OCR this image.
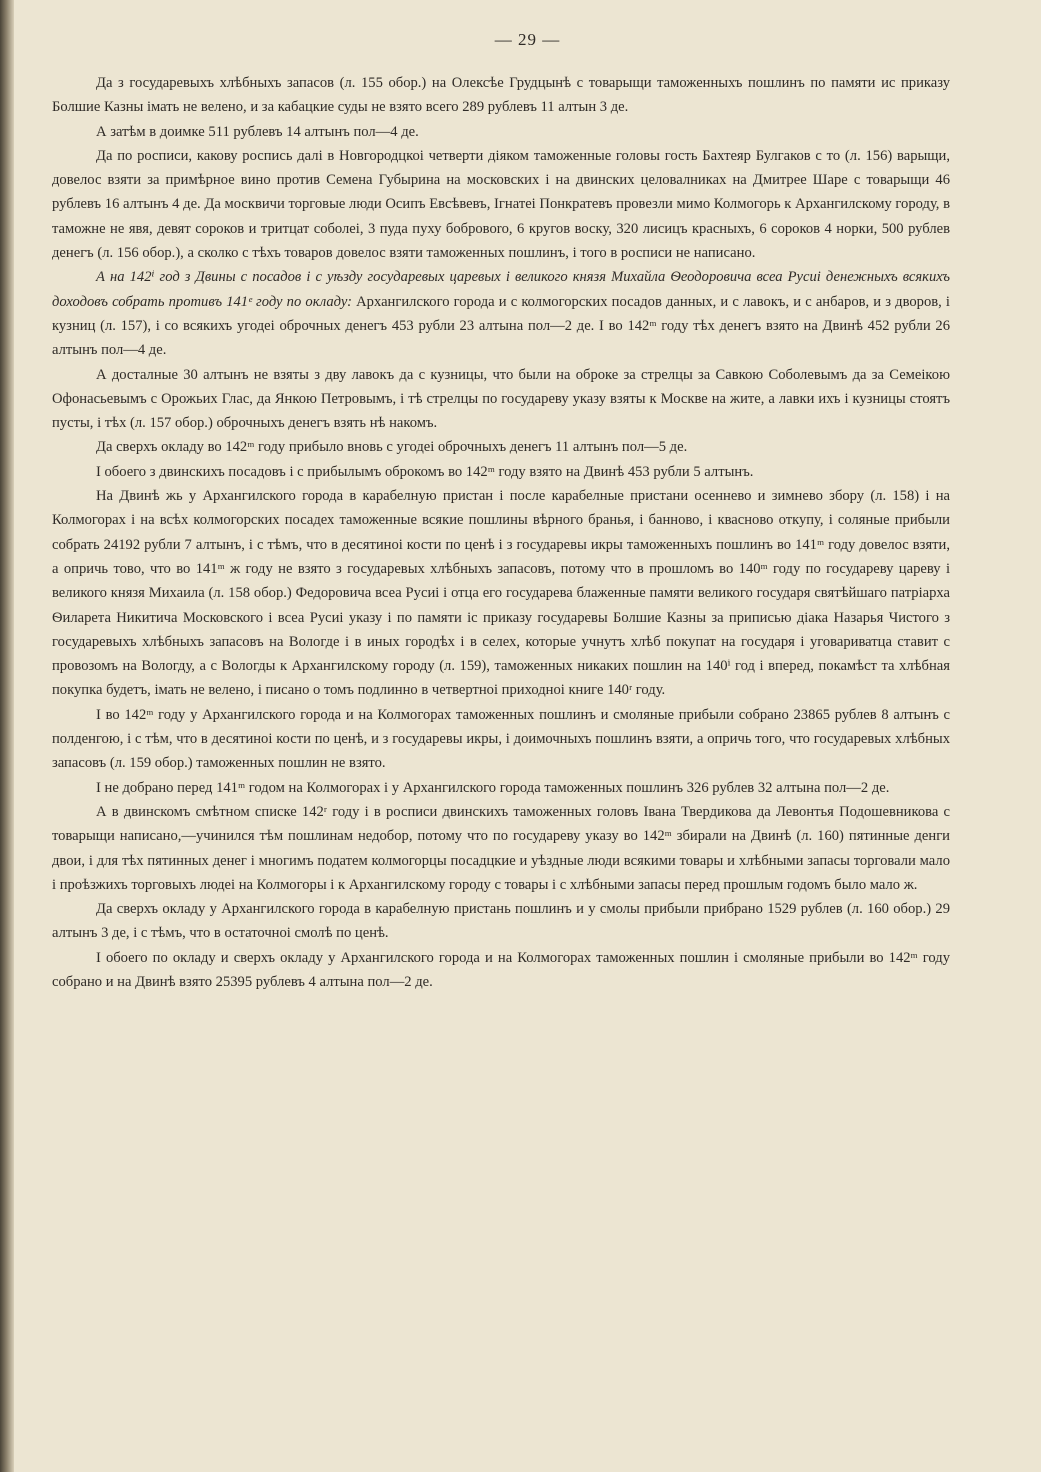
— 29 —

Да з государевыхъ хлѣбныхъ запасов (л. 155 обор.) на Олексѣе Грудцынѣ с товарыщи таможенныхъ пошлинъ по памяти ис приказу Болшие Казны імать не велено, и за кабацкие суды не взято всего 289 рублевъ 11 алтын 3 де.

А затѣм в доимке 511 рублевъ 14 алтынъ пол—4 де.

Да по росписи, какову роспись далі в Новгородцкоі четверти діяком таможенные головы гость Бахтеяр Булгаков с то (л. 156) варыщи, довелос взяти за примѣрное вино против Семена Губырина на московских і на двинских целовалниках на Дмитрее Шаре с товарыщи 46 рублевъ 16 алтынъ 4 де. Да москвичи торговые люди Осипъ Евсѣвевъ, Ігнатеі Понкратевъ провезли мимо Колмогорь к Архангилскому городу, в таможне не явя, девят сороков и тритцат соболеі, 3 пуда пуху бобровоro, 6 кругов воску, 320 лисицъ красныхъ, 6 сороков 4 норки, 500 рублев денегъ (л. 156 обор.), а сколко с тѣхъ товаров довелос взяти таможенных пошлинъ, і того в росписи не написано.

А на 142ⁱ год з Двины с посадов і с уѣзду государевых царевых і великого князя Михайла Ѳеодоровича всеа Русиі денежныхъ всякихъ доходовъ собрать противъ 141ᵉ году по окладу: Архангилского города и с колмогорских посадов данных, и с лавокъ, и с анбаров, и з дворов, і кузниц (л. 157), і со всякихъ угодеі оброчных денегъ 453 рубли 23 алтына пол—2 де. І во 142ᵐ году тѣх денегъ взято на Двинѣ 452 рубли 26 алтынъ пол—4 де.

А досталные 30 алтынъ не взяты з дву лавокъ да с кузницы, что были на оброке за стрелцы за Савкою Соболевымъ да за Семеікою Офонасьевымъ с Орожьих Глас, да Янкою Петровымъ, і тѣ стрелцы по государеву указу взяты к Москве на жите, а лавки ихъ і кузницы стоятъ пусты, і тѣх (л. 157 обор.) оброчныхъ денегъ взять нѣ накомъ.

Да сверхъ окладу во 142ᵐ году прибыло вновь с угодеі оброчныхъ денегъ 11 алтынъ пол—5 де.

І обоего з двинскихъ посадовъ і с прибылымъ оброкомъ во 142ᵐ году взято на Двинѣ 453 рубли 5 алтынъ.

На Двинѣ жь у Архангилского города в карабелную пристан і после карабелные пристани осеннево и зимнево збору (л. 158) і на Колмогорах і на всѣх колмогорских посадех таможенные всякие пошлины вѣрного бранья, і банново, і квасново откупу, і соляные прибыли собрать 24192 рубли 7 алтынъ, і с тѣмъ, что в десятиноі кости по ценѣ і з государевы икры таможенныхъ пошлинъ во 141ᵐ году довелос взяти, а опричь тово, что во 141ᵐ ж году не взято з государевых хлѣбныхъ запасовъ, потому что в прошломъ во 140ᵐ году по государеву цареву і великого князя Михаила (л. 158 обор.) Федоровича всеа Русиі і отца его государева блаженные памяти великого государя святѣйшаго патріарха Ѳиларета Никитича Московского і всеа Русиі указу і по памяти іс приказу государевы Болшие Казны за приписью діака Назарья Чистого з государевыхъ хлѣбныхъ запасовъ на Вологде і в иных городѣх і в селех, которые учнутъ хлѣб покупат на государя і уговариватца ставит с провозомъ на Вологду, а с Вологды к Архангилскому городу (л. 159), таможенных никаких пошлин на 140ⁱ год і вперед, покамѣст та хлѣбная покупка будетъ, імать не велено, і писано о томъ подлинно в четвертноі приходноі книге 140ʳ году.

І во 142ᵐ году у Архангилского города и на Колмогорах таможенных пошлинъ и смоляные прибыли собрано 23865 рублев 8 алтынъ с полденгою, і с тѣм, что в десятиноі кости по ценѣ, и з государевы икры, і доимочныхъ пошлинъ взяти, а опричь того, что государевых хлѣбных запасовъ (л. 159 обор.) таможенных пошлин не взято.

І не добрано перед 141ᵐ годом на Колмогорах і у Архангилского города таможенных пошлинъ 326 рублев 32 алтына пол—2 де.

А в двинскомъ смѣтном списке 142ʳ году і в росписи двинскихъ таможенных головъ Івана Твердикова да Левонтья Подошевникова с товарыщи написано,—учинился тѣм пошлинам недобор, потому что по государеву указу во 142ᵐ збирали на Двинѣ (л. 160) пятинные денги двои, і для тѣх пятинных денег і многимъ податем колмогорцы посадцкие и уѣздные люди всякими товары и хлѣбными запасы торговали мало і проѣзжихъ торговыхъ людеі на Колмогоры і к Архангилскому городу с товары і с хлѣбными запасы перед прошлым годомъ было мало ж.

Да сверхъ окладу у Архангилского города в карабелную пристань пошлинъ и у смолы прибыли прибрано 1529 рублев (л. 160 обор.) 29 алтынъ 3 де, і с тѣмъ, что в остаточноі смолѣ по ценѣ.

І обоего по окладу и сверхъ окладу у Архангилского города и на Колмогорах таможенных пошлин і смоляные прибыли во 142ᵐ году собрано и на Двинѣ взято 25395 рублевъ 4 алтына пол—2 де.
